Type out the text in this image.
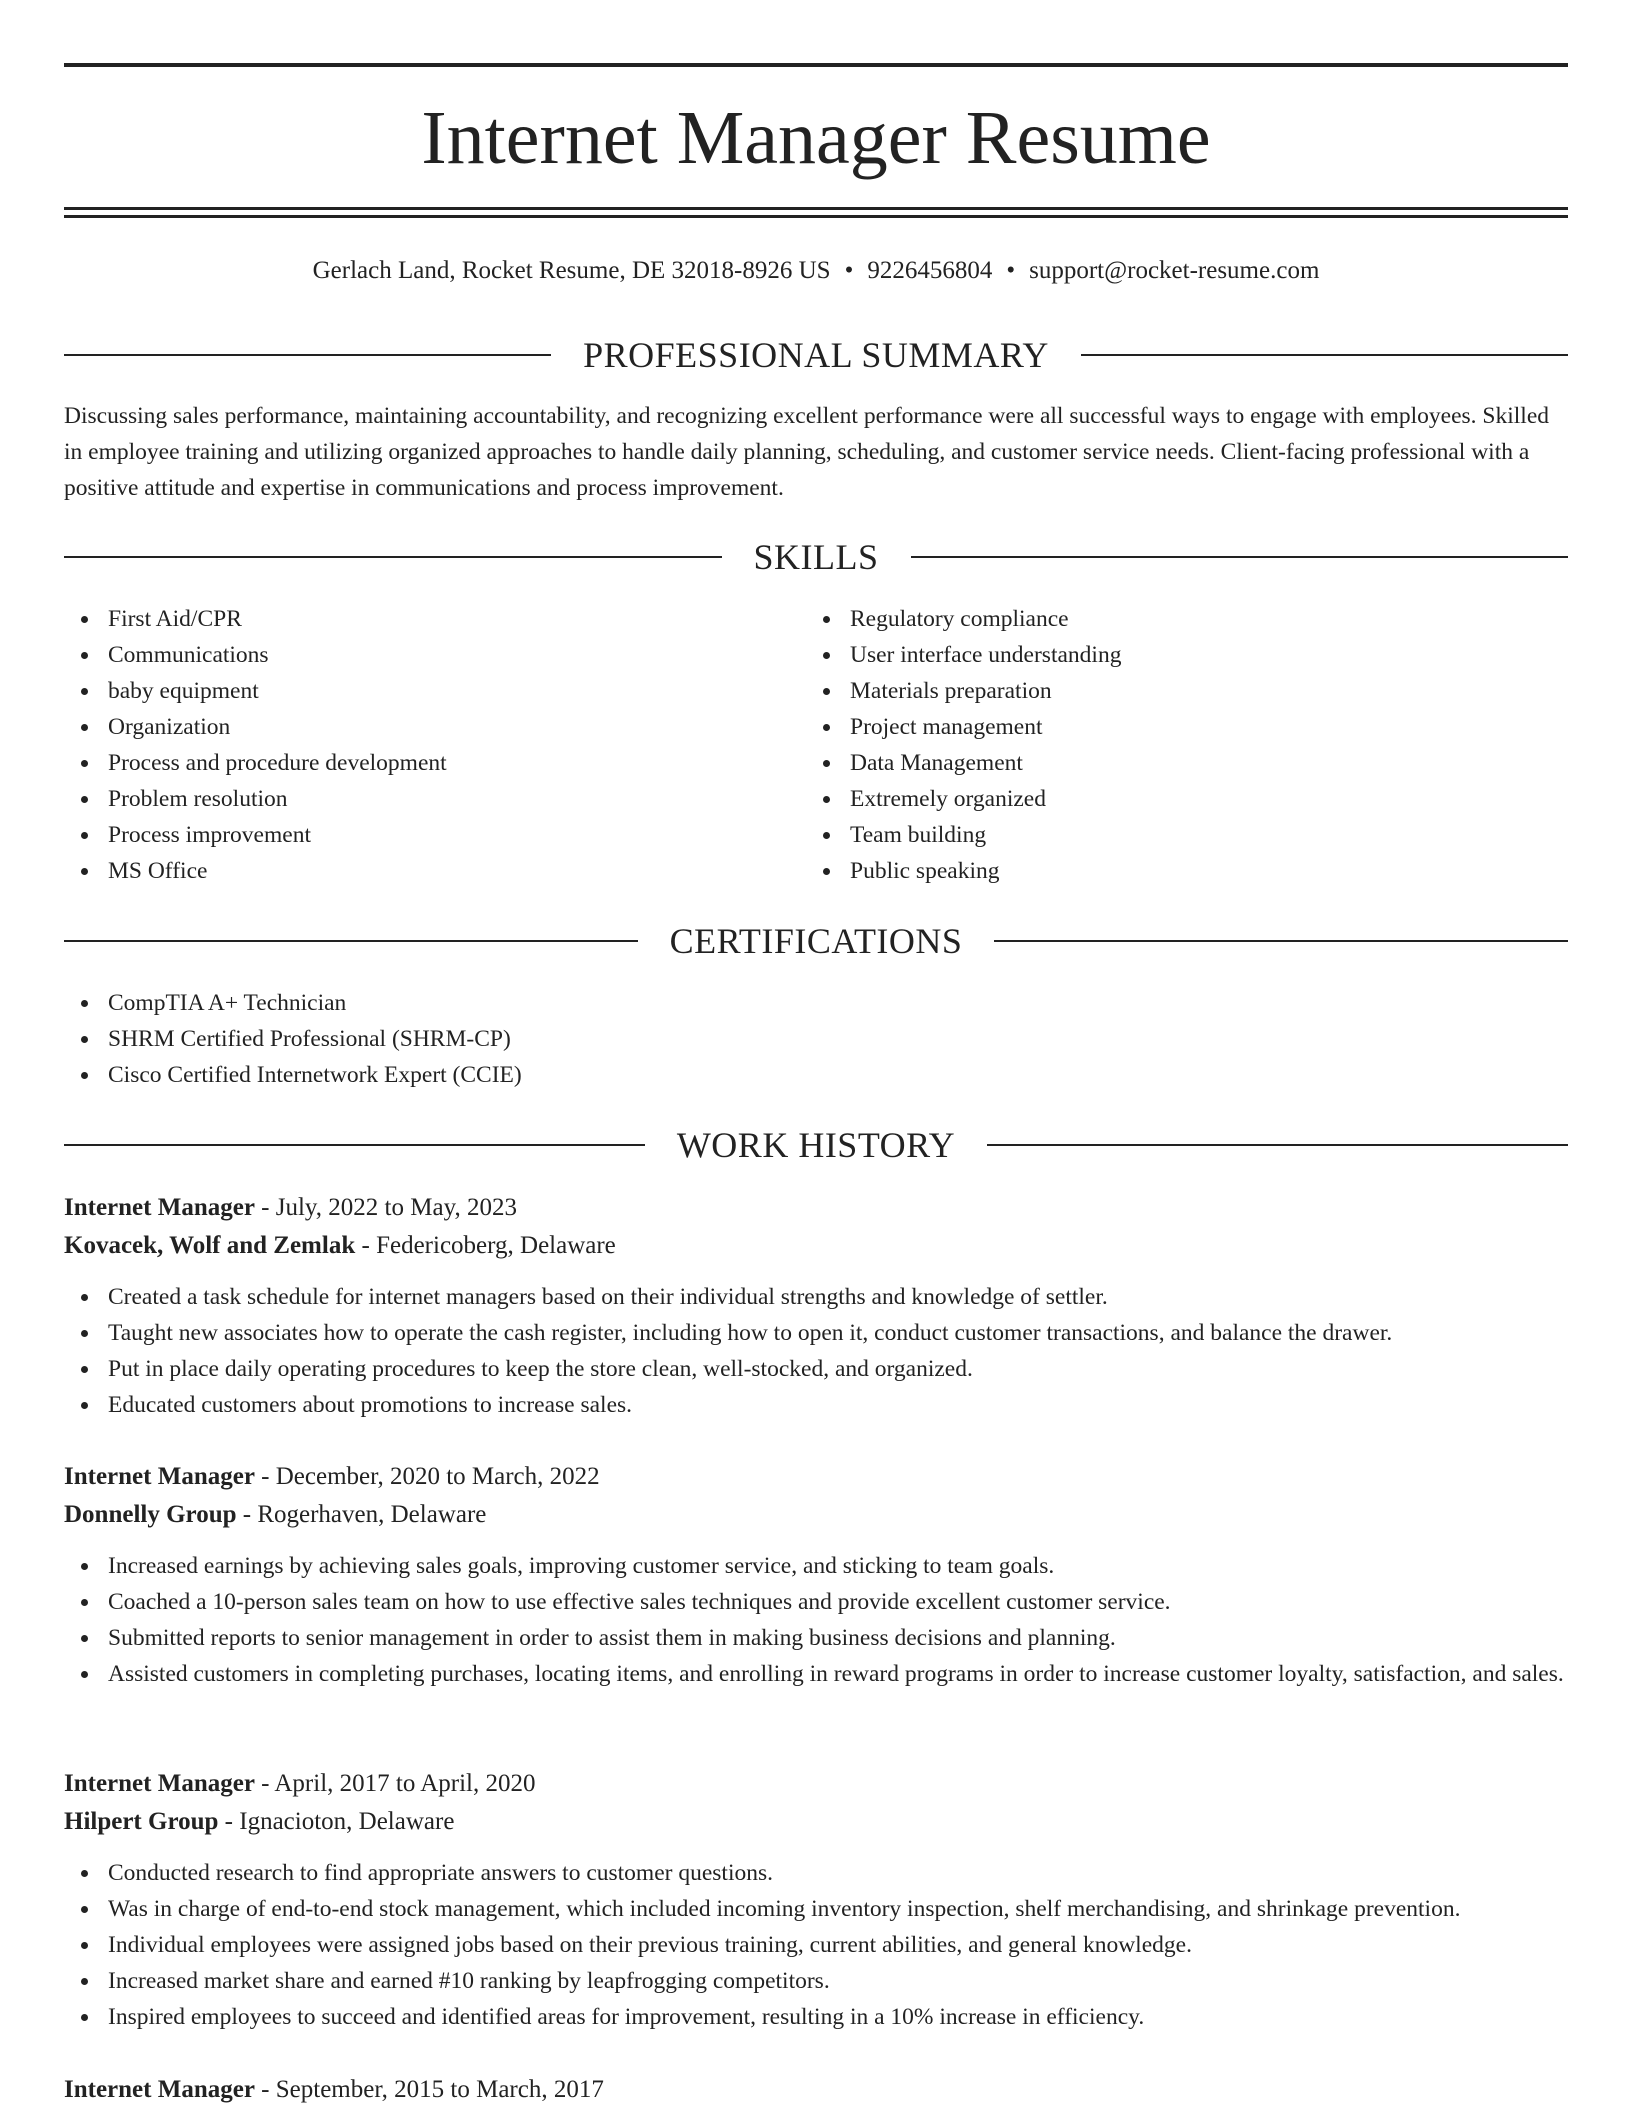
Internet Manager Resume
Gerlach Land, Rocket Resume, DE 32018-8926 US • 9226456804 • support@rocket-resume.com
PROFESSIONAL SUMMARY

Discussing sales performance, maintaining accountability, and recognizing excellent performance were all successful ways to engage with employees. Skilled in employee training and utilizing organized approaches to handle daily planning, scheduling, and customer service needs. Client-facing professional with a positive attitude and expertise in communications and process improvement.

SKILLS
First Aid/CPR
Communications
baby equipment
Organization
Process and procedure development
Problem resolution
Process improvement
MS Office
Regulatory compliance
User interface understanding
Materials preparation
Project management
Data Management
Extremely organized
Team building
Public speaking
CERTIFICATIONS
CompTIA A+ Technician
SHRM Certified Professional (SHRM-CP)
Cisco Certified Internetwork Expert (CCIE)
WORK HISTORY
Internet Manager - July, 2022 to May, 2023
Kovacek, Wolf and Zemlak - Federicoberg, Delaware
Created a task schedule for internet managers based on their individual strengths and knowledge of settler.
Taught new associates how to operate the cash register, including how to open it, conduct customer transactions, and balance the drawer.
Put in place daily operating procedures to keep the store clean, well-stocked, and organized.
Educated customers about promotions to increase sales.
Internet Manager - December, 2020 to March, 2022
Donnelly Group - Rogerhaven, Delaware
Increased earnings by achieving sales goals, improving customer service, and sticking to team goals.
Coached a 10-person sales team on how to use effective sales techniques and provide excellent customer service.
Submitted reports to senior management in order to assist them in making business decisions and planning.
Assisted customers in completing purchases, locating items, and enrolling in reward programs in order to increase customer loyalty, satisfaction, and sales.
Internet Manager - April, 2017 to April, 2020
Hilpert Group - Ignacioton, Delaware
Conducted research to find appropriate answers to customer questions.
Was in charge of end-to-end stock management, which included incoming inventory inspection, shelf merchandising, and shrinkage prevention.
Individual employees were assigned jobs based on their previous training, current abilities, and general knowledge.
Increased market share and earned #10 ranking by leapfrogging competitors.
Inspired employees to succeed and identified areas for improvement, resulting in a 10% increase in efficiency.
Internet Manager - September, 2015 to March, 2017
